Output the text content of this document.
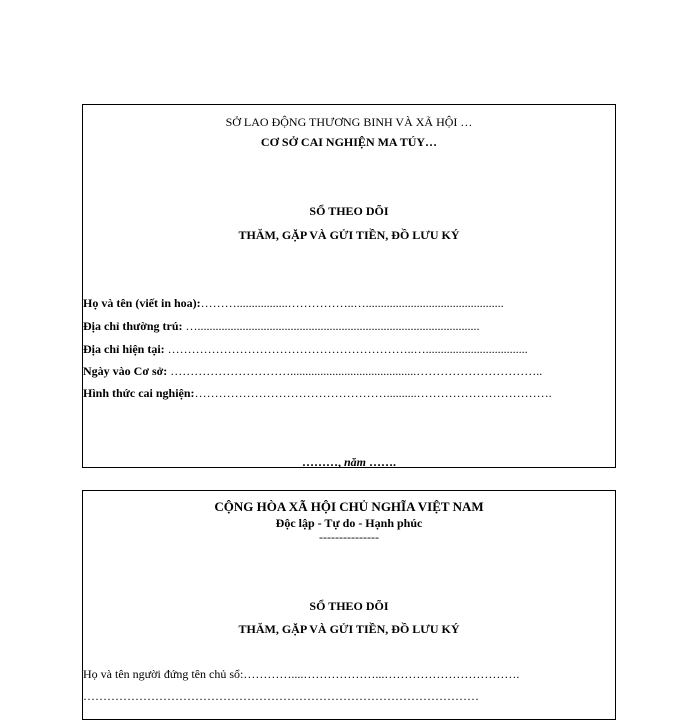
SỞ LAO ĐỘNG THƯƠNG BINH VÀ XÃ HỘI …
CƠ SỞ CAI NGHIỆN MA TÚY…
SỔ THEO DÕI
THĂM, GẶP VÀ GỬI TIỀN, ĐỒ LƯU KÝ
Họ và tên (viết in hoa):……….................……………..…..............................................
Địa chỉ thường trú: …..............................................................................................
Địa chỉ hiện tại: ……………………………………………………..…..................................
Ngày vào Cơ sở: …………………………..........................................…………………………..
Hình thức cai nghiện:…………………………………………..........…………………………….
………, năm …….
CỘNG HÒA XÃ HỘI CHỦ NGHĨA VIỆT NAM
Độc lập - Tự do - Hạnh phúc
---------------
SỔ THEO DÕI
THĂM, GẶP VÀ GỬI TIỀN, ĐỒ LƯU KÝ
Họ và tên người đứng tên chủ sổ:…………....………………...…………………………….
………………………………………………………………………………………
